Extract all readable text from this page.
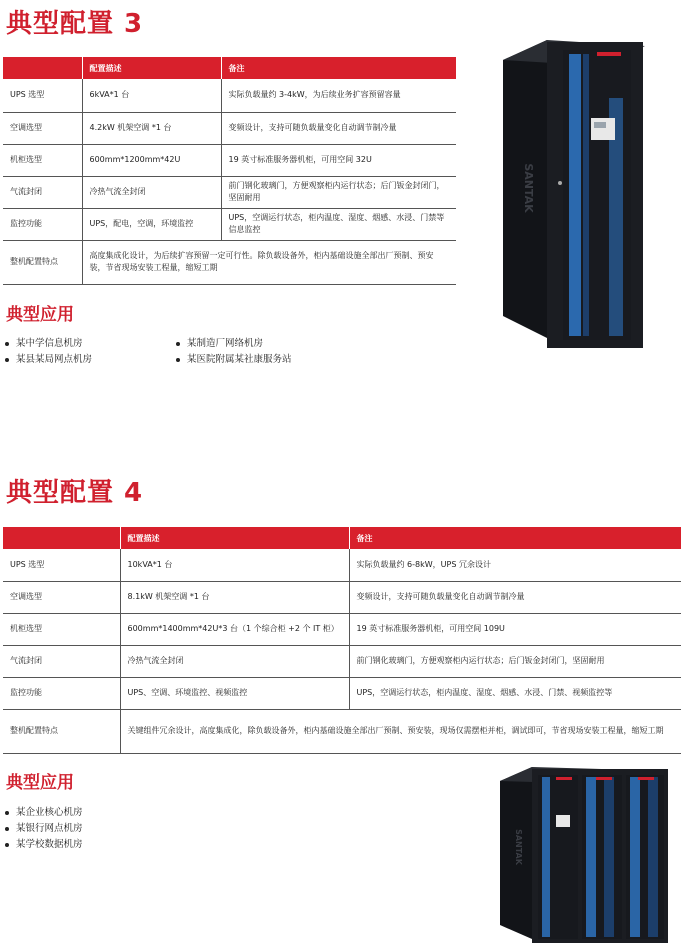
典型配置 3
	配置描述	备注
UPS 选型	6kVA*1 台	实际负载量约 3-4kW，为后续业务扩容预留容量
空调选型	4.2kW 机架空调 *1 台	变频设计，支持可随负载量变化自动调节制冷量
机柜选型	600mm*1200mm*42U	19 英寸标准服务器机柜，可用空间 32U
气流封闭	冷热气流全封闭	前门钢化玻璃门，方便观察柜内运行状态；后门钣金封闭门，坚固耐用
监控功能	UPS，配电，空调，环境监控	UPS，空调运行状态，柜内温度、湿度、烟感、水浸、门禁等信息监控
整机配置特点	高度集成化设计，为后续扩容预留一定可行性。除负载设备外，柜内基础设施全部出厂预制、预安装，节省现场安装工程量，缩短工期	
典型应用
某中学信息机房
某县某局网点机房
某制造厂网络机房
某医院附属某社康服务站
SANTAK
典型配置 4
	配置描述	备注
UPS 选型	10kVA*1 台	实际负载量约 6-8kW，UPS 冗余设计
空调选型	8.1kW 机架空调 *1 台	变频设计，支持可随负载量变化自动调节制冷量
机柜选型	600mm*1400mm*42U*3 台（1 个综合柜 +2 个 IT 柜）	19 英寸标准服务器机柜，可用空间 109U
气流封闭	冷热气流全封闭	前门钢化玻璃门，方便观察柜内运行状态；后门钣金封闭门，坚固耐用
监控功能	UPS、空调、环境监控、视频监控	UPS，空调运行状态，柜内温度、湿度、烟感、水浸、门禁、视频监控等
整机配置特点	关键组件冗余设计，高度集成化，除负载设备外，柜内基础设施全部出厂预制、预安装，现场仅需摆柜并柜，调试即可，节省现场安装工程量，缩短工期	
典型应用
某企业核心机房
某银行网点机房
某学校数据机房	SANTAK
